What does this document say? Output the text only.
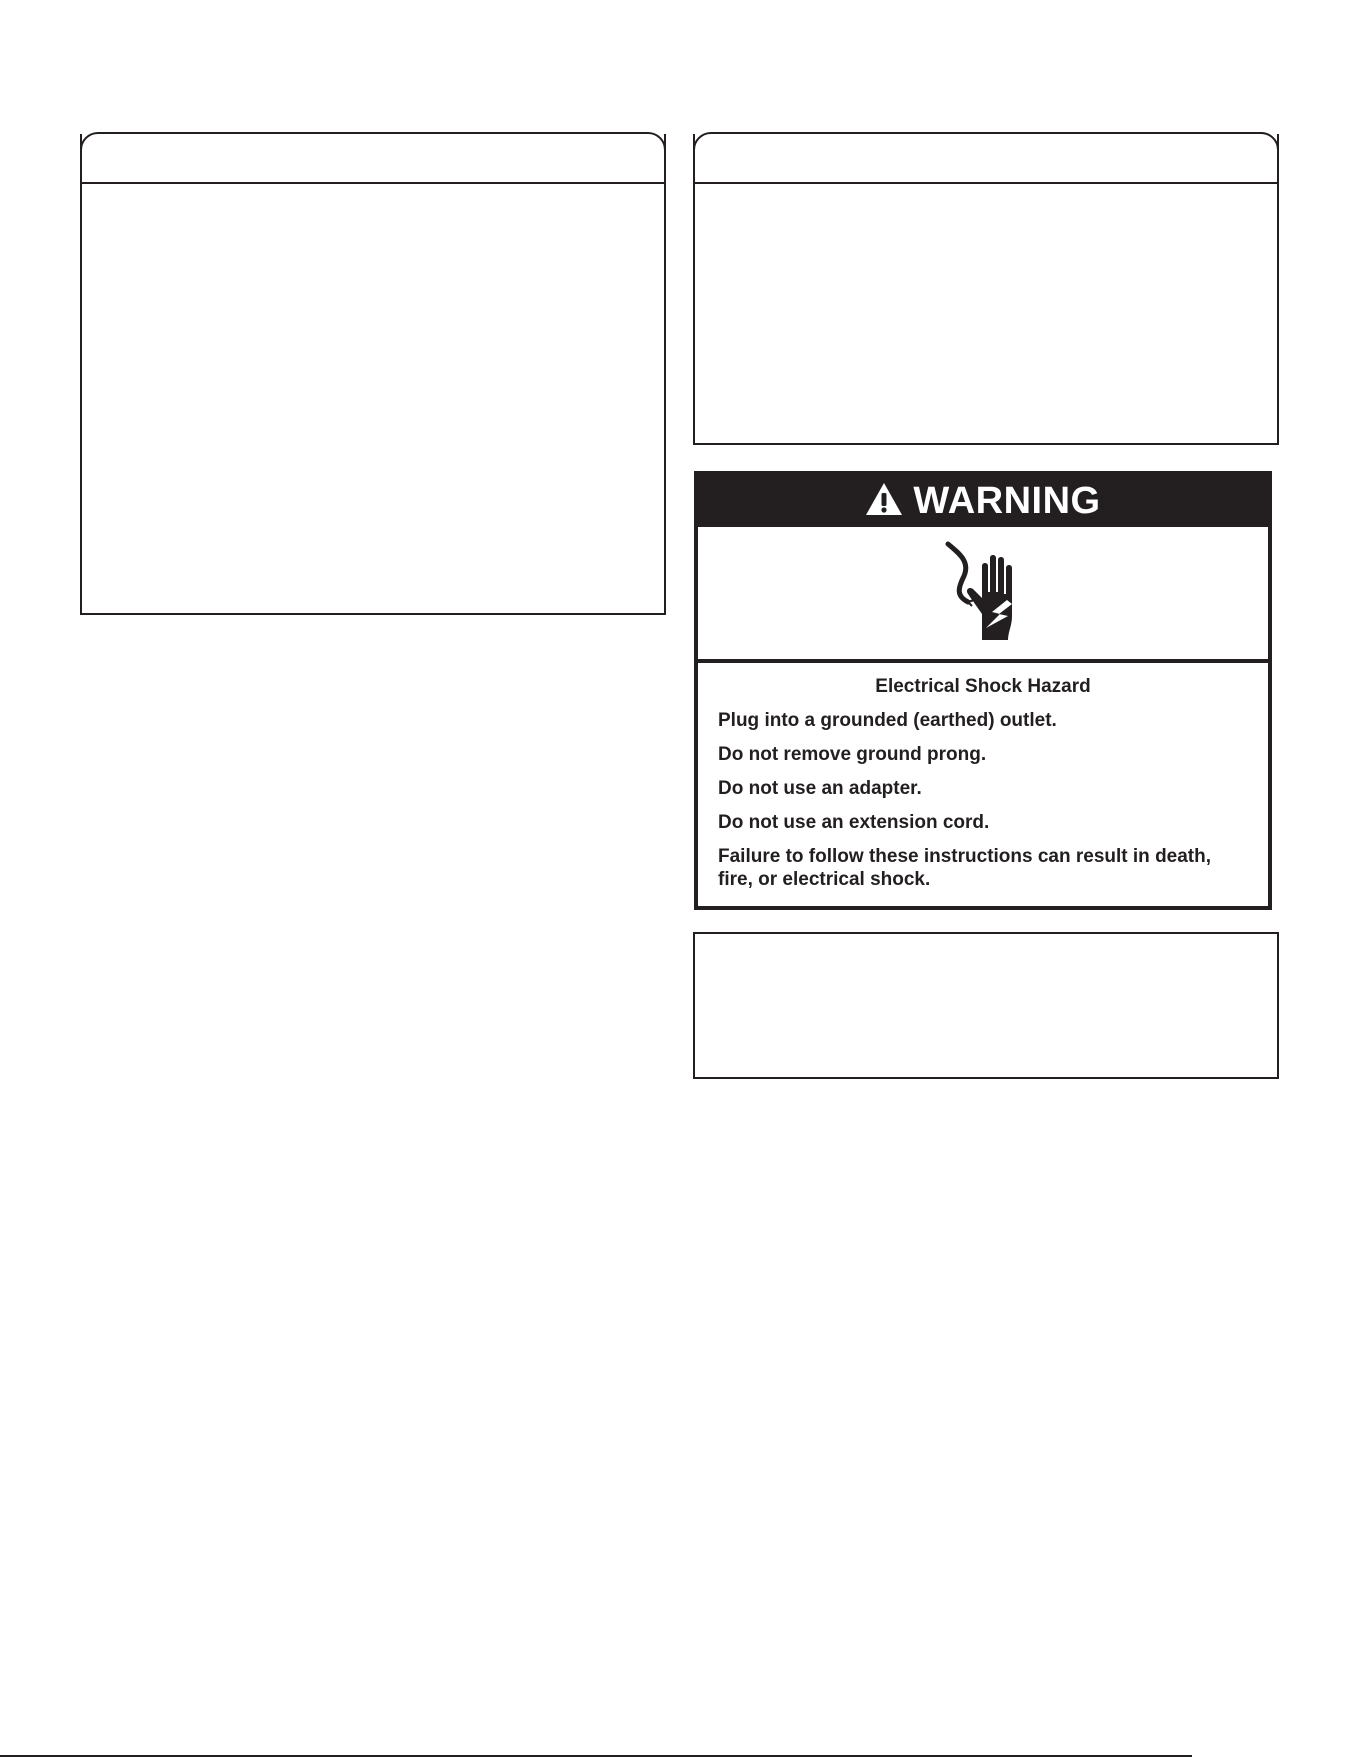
WARNING
Electrical Shock Hazard
Plug into a grounded (earthed) outlet.
Do not remove ground prong.
Do not use an adapter.
Do not use an extension cord.
Failure to follow these instructions can result in death, fire, or electrical shock.
